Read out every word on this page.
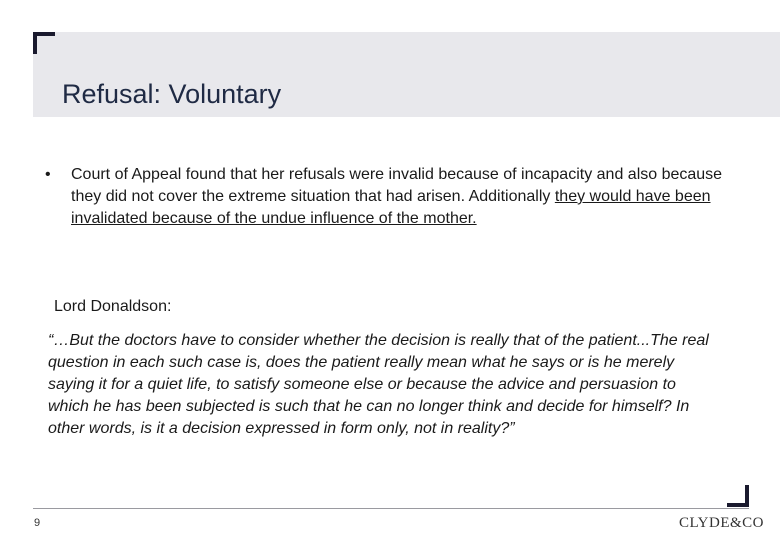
Refusal: Voluntary
• Court of Appeal found that her refusals were invalid because of incapacity and also because they did not cover the extreme situation that had arisen. Additionally they would have been invalidated because of the undue influence of the mother.
Lord Donaldson:
“…But the doctors have to consider whether the decision is really that of the patient...The real question in each such case is, does the patient really mean what he says or is he merely saying it for a quiet life, to satisfy someone else or because the advice and persuasion to which he has been subjected is such that he can no longer think and decide for himself? In other words, is it a decision expressed in form only, not in reality?”
9	CLYDE&CO
